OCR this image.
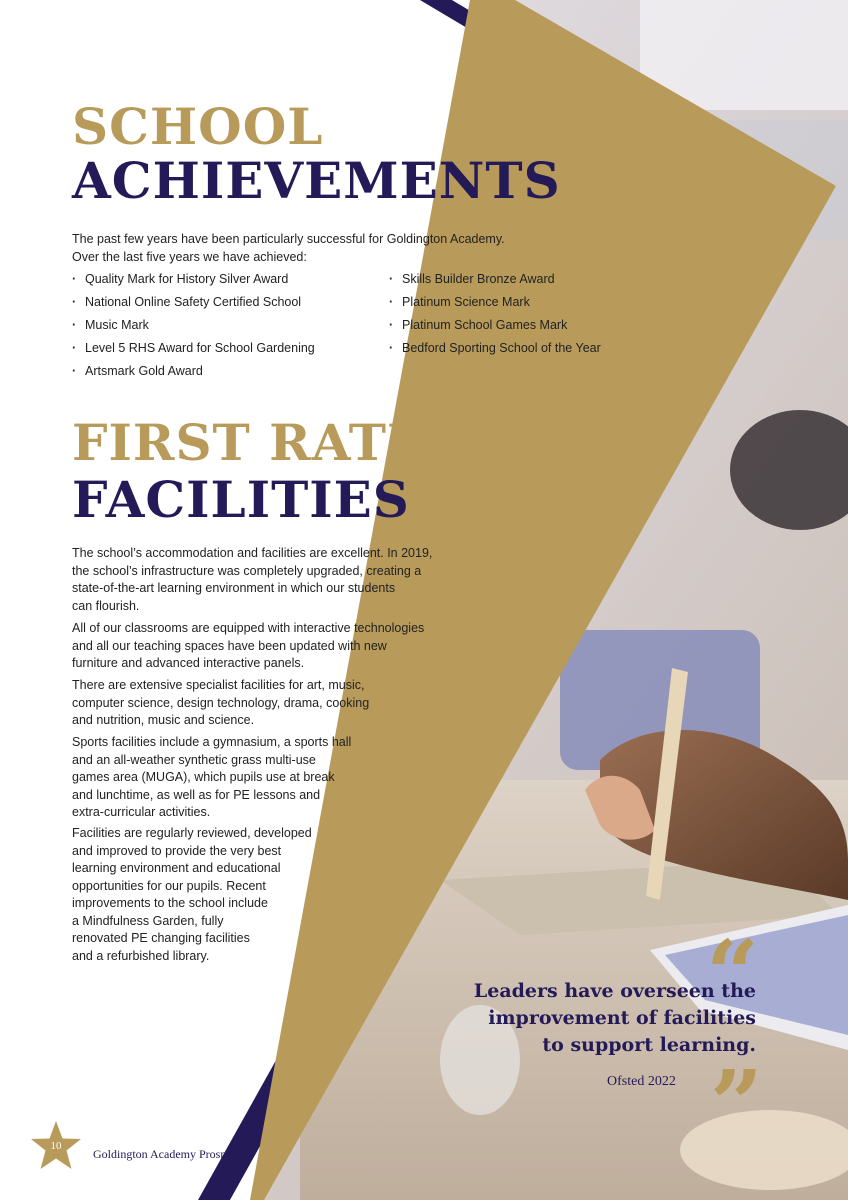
SCHOOL
ACHIEVEMENTS

The past few years have been particularly successful for Goldington Academy.
Over the last five years we have achieved:

· Quality Mark for History Silver Award
· National Online Safety Certified School
· Music Mark
· Level 5 RHS Award for School Gardening
· Artsmark Gold Award
· Skills Builder Bronze Award
· Platinum Science Mark
· Platinum School Games Mark
· Bedford Sporting School of the Year
FIRST RATE
FACILITIES

The school’s accommodation and facilities are excellent. In 2019,
the school’s infrastructure was completely upgraded, creating a
state-of-the-art learning environment in which our students
can flourish.

All of our classrooms are equipped with interactive technologies
and all our teaching spaces have been updated with new
furniture and advanced interactive panels.

There are extensive specialist facilities for art, music,
computer science, design technology, drama, cooking
and nutrition, music and science.

Sports facilities include a gymnasium, a sports hall
and an all-weather synthetic grass multi-use
games area (MUGA), which pupils use at break
and lunchtime, as well as for PE lessons and
extra-curricular activities.

Facilities are regularly reviewed, developed
and improved to provide the very best
learning environment and educational
opportunities for our pupils. Recent
improvements to the school include
a Mindfulness Garden, fully
renovated PE changing facilities
and a refurbished library.	“

Leaders have overseen the
improvement of facilities
to support learning.

Ofsted 2022 ”
10
Goldington Academy Prospectus
